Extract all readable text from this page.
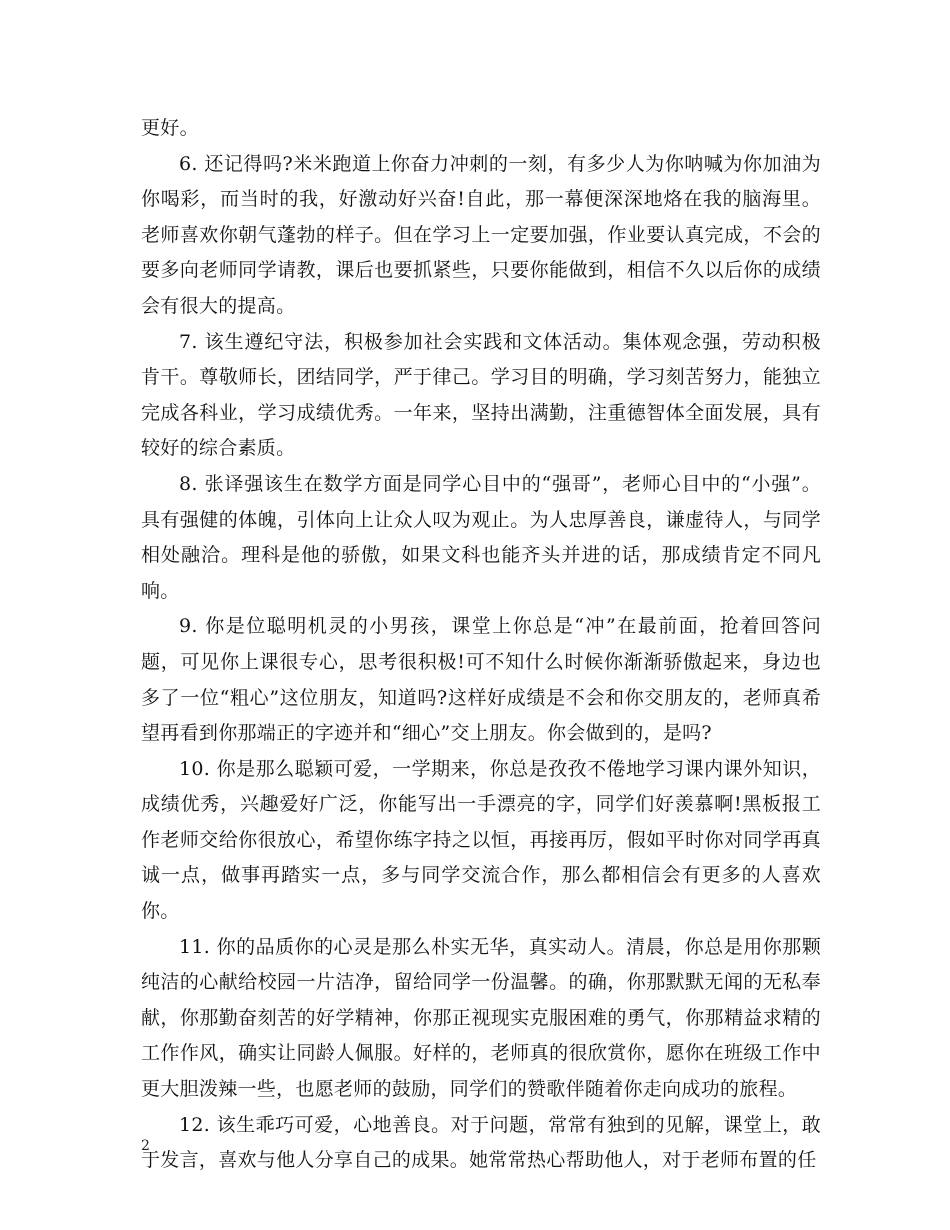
更好。

6. 还记得吗?米米跑道上你奋力冲刺的一刻，有多少人为你呐喊为你加油为你喝彩，而当时的我，好激动好兴奋!自此，那一幕便深深地烙在我的脑海里。老师喜欢你朝气蓬勃的样子。但在学习上一定要加强，作业要认真完成，不会的要多向老师同学请教，课后也要抓紧些，只要你能做到，相信不久以后你的成绩会有很大的提高。

7. 该生遵纪守法，积极参加社会实践和文体活动。集体观念强，劳动积极肯干。尊敬师长，团结同学，严于律己。学习目的明确，学习刻苦努力，能独立完成各科业，学习成绩优秀。一年来，坚持出满勤，注重德智体全面发展，具有较好的综合素质。

8. 张译强该生在数学方面是同学心目中的“强哥”，老师心目中的“小强”。具有强健的体魄，引体向上让众人叹为观止。为人忠厚善良，谦虚待人，与同学相处融洽。理科是他的骄傲，如果文科也能齐头并进的话，那成绩肯定不同凡响。

9. 你是位聪明机灵的小男孩，课堂上你总是“冲”在最前面，抢着回答问题，可见你上课很专心，思考很积极!可不知什么时候你渐渐骄傲起来，身边也多了一位“粗心”这位朋友，知道吗?这样好成绩是不会和你交朋友的，老师真希望再看到你那端正的字迹并和“细心”交上朋友。你会做到的，是吗?

10. 你是那么聪颖可爱，一学期来，你总是孜孜不倦地学习课内课外知识，成绩优秀，兴趣爱好广泛，你能写出一手漂亮的字，同学们好羡慕啊!黑板报工作老师交给你很放心，希望你练字持之以恒，再接再厉，假如平时你对同学再真诚一点，做事再踏实一点，多与同学交流合作，那么都相信会有更多的人喜欢你。

11. 你的品质你的心灵是那么朴实无华，真实动人。清晨，你总是用你那颗纯洁的心献给校园一片洁净，留给同学一份温馨。的确，你那默默无闻的无私奉献，你那勤奋刻苦的好学精神，你那正视现实克服困难的勇气，你那精益求精的工作作风，确实让同龄人佩服。好样的，老师真的很欣赏你，愿你在班级工作中更大胆泼辣一些，也愿老师的鼓励，同学们的赞歌伴随着你走向成功的旅程。

12. 该生乖巧可爱，心地善良。对于问题，常常有独到的见解，课堂上，敢于发言，喜欢与他人分享自己的成果。她常常热心帮助他人，对于老师布置的任

2
